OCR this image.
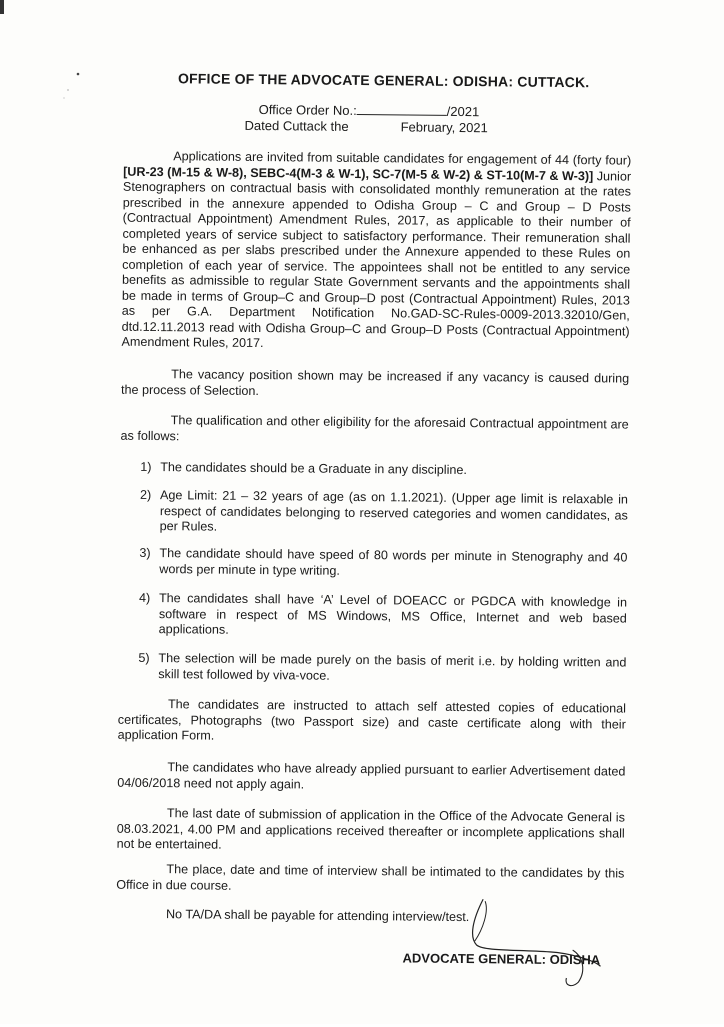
OFFICE OF THE ADVOCATE GENERAL: ODISHA: CUTTACK.
Office Order No.:	/2021
Dated Cuttack the	February, 2021
Applications are invited from suitable candidates for engagement of 44 (forty four) [UR-23 (M-15 & W-8), SEBC-4(M-3 & W-1), SC-7(M-5 & W-2) & ST-10(M-7 & W-3)] Junior Stenographers on contractual basis with consolidated monthly remuneration at the rates prescribed in the annexure appended to Odisha Group – C and Group – D Posts (Contractual Appointment) Amendment Rules, 2017, as applicable to their number of completed years of service subject to satisfactory performance. Their remuneration shall be enhanced as per slabs prescribed under the Annexure appended to these Rules on completion of each year of service. The appointees shall not be entitled to any service benefits as admissible to regular State Government servants and the appointments shall be made in terms of Group–C and Group–D post (Contractual Appointment) Rules, 2013 as per G.A. Department Notification No.GAD-SC-Rules-0009-2013.32010/Gen, dtd.12.11.2013 read with Odisha Group–C and Group–D Posts (Contractual Appointment) Amendment Rules, 2017.
The vacancy position shown may be increased if any vacancy is caused during the process of Selection.
The qualification and other eligibility for the aforesaid Contractual appointment are as follows:
1) The candidates should be a Graduate in any discipline.
2) Age Limit: 21 – 32 years of age (as on 1.1.2021). (Upper age limit is relaxable in respect of candidates belonging to reserved categories and women candidates, as per Rules.
3) The candidate should have speed of 80 words per minute in Stenography and 40 words per minute in type writing.
4) The candidates shall have ‘A’ Level of DOEACC or PGDCA with knowledge in software in respect of MS Windows, MS Office, Internet and web based applications.
5) The selection will be made purely on the basis of merit i.e. by holding written and skill test followed by viva-voce.
The candidates are instructed to attach self attested copies of educational certificates, Photographs (two Passport size) and caste certificate along with their application Form.
The candidates who have already applied pursuant to earlier Advertisement dated 04/06/2018 need not apply again.
The last date of submission of application in the Office of the Advocate General is 08.03.2021, 4.00 PM and applications received thereafter or incomplete applications shall not be entertained.
The place, date and time of interview shall be intimated to the candidates by this Office in due course.
No TA/DA shall be payable for attending interview/test.
ADVOCATE GENERAL: ODISHA
